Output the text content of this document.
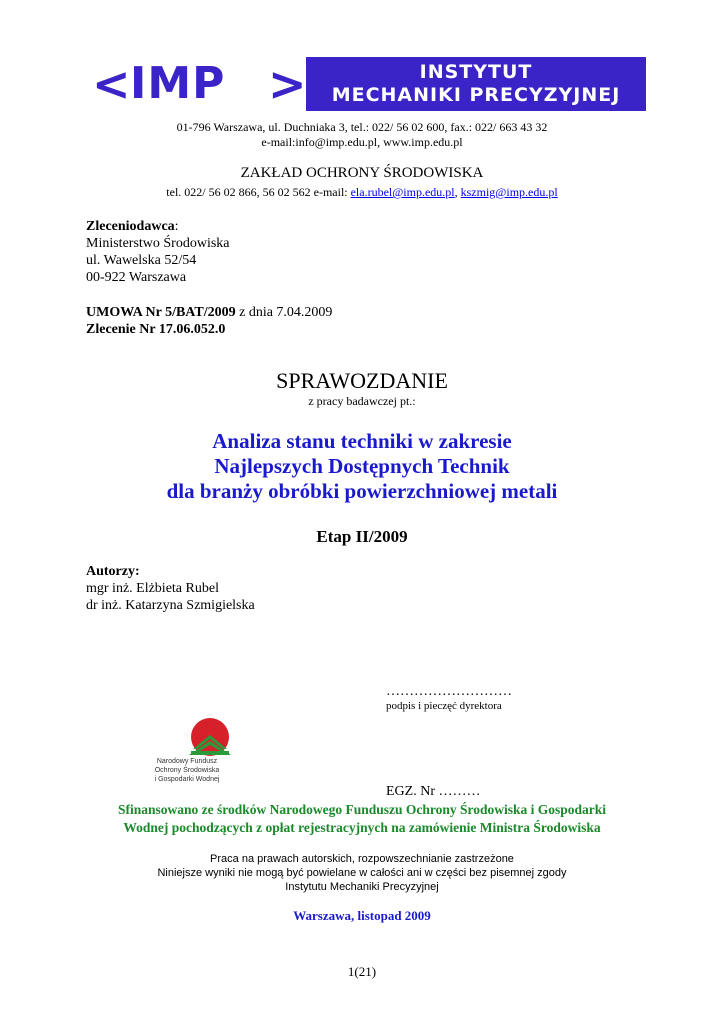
< IMP >	INSTYTUT
MECHANIKI PRECYZYJNEJ
01-796 Warszawa, ul. Duchniaka 3, tel.: 022/ 56 02 600, fax.: 022/ 663 43 32
e-mail:info@imp.edu.pl, www.imp.edu.pl
ZAKŁAD OCHRONY ŚRODOWISKA
tel. 022/ 56 02 866, 56 02 562 e-mail: ela.rubel@imp.edu.pl, kszmig@imp.edu.pl
Zleceniodawca:
Ministerstwo Środowiska
ul. Wawelska 52/54
00-922 Warszawa
UMOWA Nr 5/BAT/2009 z dnia 7.04.2009
Zlecenie Nr 17.06.052.0
SPRAWOZDANIE
z pracy badawczej pt.:
Analiza stanu techniki w zakresie
Najlepszych Dostępnych Technik
dla branży obróbki powierzchniowej metali
Etap II/2009
Autorzy:
mgr inż. Elżbieta Rubel
dr inż. Katarzyna Szmigielska
………………………
podpis i pieczęć dyrektora
Narodowy Fundusz
Ochrony Środowiska
i Gospodarki Wodnej
EGZ. Nr ………
Sfinansowano ze środków Narodowego Funduszu Ochrony Środowiska i Gospodarki
Wodnej pochodzących z opłat rejestracyjnych na zamówienie Ministra Środowiska
Praca na prawach autorskich, rozpowszechnianie zastrzeżone
Niniejsze wyniki nie mogą być powielane w całości ani w części bez pisemnej zgody
Instytutu Mechaniki Precyzyjnej
Warszawa, listopad 2009
1(21)
